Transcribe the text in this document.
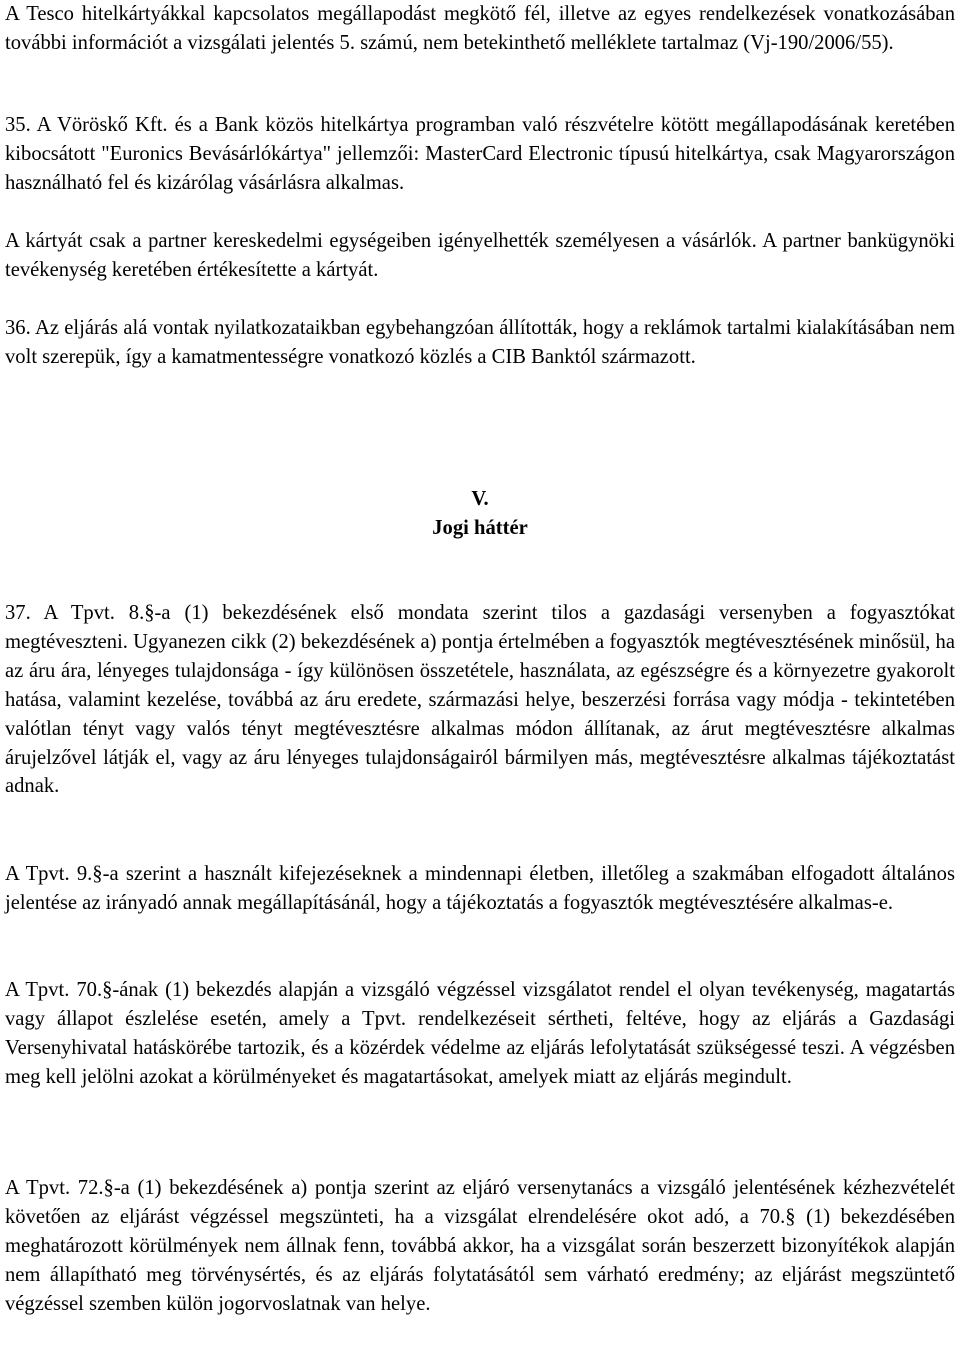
A Tesco hitelkártyákkal kapcsolatos megállapodást megkötő fél, illetve az egyes rendelkezések vonatkozásában további információt a vizsgálati jelentés 5. számú, nem betekinthető melléklete tartalmaz (Vj-190/2006/55).

35. A Vöröskő Kft. és a Bank közös hitelkártya programban való részvételre kötött megállapodásának keretében kibocsátott "Euronics Bevásárlókártya" jellemzői: MasterCard Electronic típusú hitelkártya, csak Magyarországon használható fel és kizárólag vásárlásra alkalmas.

A kártyát csak a partner kereskedelmi egységeiben igényelhették személyesen a vásárlók. A partner bankügynöki tevékenység keretében értékesítette a kártyát.

36. Az eljárás alá vontak nyilatkozataikban egybehangzóan állították, hogy a reklámok tartalmi kialakításában nem volt szerepük, így a kamatmentességre vonatkozó közlés a CIB Banktól származott.

V.

Jogi háttér

37. A Tpvt. 8.§-a (1) bekezdésének első mondata szerint tilos a gazdasági versenyben a fogyasztókat megtéveszteni. Ugyanezen cikk (2) bekezdésének a) pontja értelmében a fogyasztók megtévesztésének minősül, ha az áru ára, lényeges tulajdonsága - így különösen összetétele, használata, az egészségre és a környezetre gyakorolt hatása, valamint kezelése, továbbá az áru eredete, származási helye, beszerzési forrása vagy módja - tekintetében valótlan tényt vagy valós tényt megtévesztésre alkalmas módon állítanak, az árut megtévesztésre alkalmas árujelzővel látják el, vagy az áru lényeges tulajdonságairól bármilyen más, megtévesztésre alkalmas tájékoztatást adnak.

A Tpvt. 9.§-a szerint a használt kifejezéseknek a mindennapi életben, illetőleg a szakmában elfogadott általános jelentése az irányadó annak megállapításánál, hogy a tájékoztatás a fogyasztók megtévesztésére alkalmas-e.

A Tpvt. 70.§-ának (1) bekezdés alapján a vizsgáló végzéssel vizsgálatot rendel el olyan tevékenység, magatartás vagy állapot észlelése esetén, amely a Tpvt. rendelkezéseit sértheti, feltéve, hogy az eljárás a Gazdasági Versenyhivatal hatáskörébe tartozik, és a közérdek védelme az eljárás lefolytatását szükségessé teszi. A végzésben meg kell jelölni azokat a körülményeket és magatartásokat, amelyek miatt az eljárás megindult.

A Tpvt. 72.§-a (1) bekezdésének a) pontja szerint az eljáró versenytanács a vizsgáló jelentésének kézhezvételét követően az eljárást végzéssel megszünteti, ha a vizsgálat elrendelésére okot adó, a 70.§ (1) bekezdésében meghatározott körülmények nem állnak fenn, továbbá akkor, ha a vizsgálat során beszerzett bizonyítékok alapján nem állapítható meg törvénysértés, és az eljárás folytatásától sem várható eredmény; az eljárást megszüntető végzéssel szemben külön jogorvoslatnak van helye.
